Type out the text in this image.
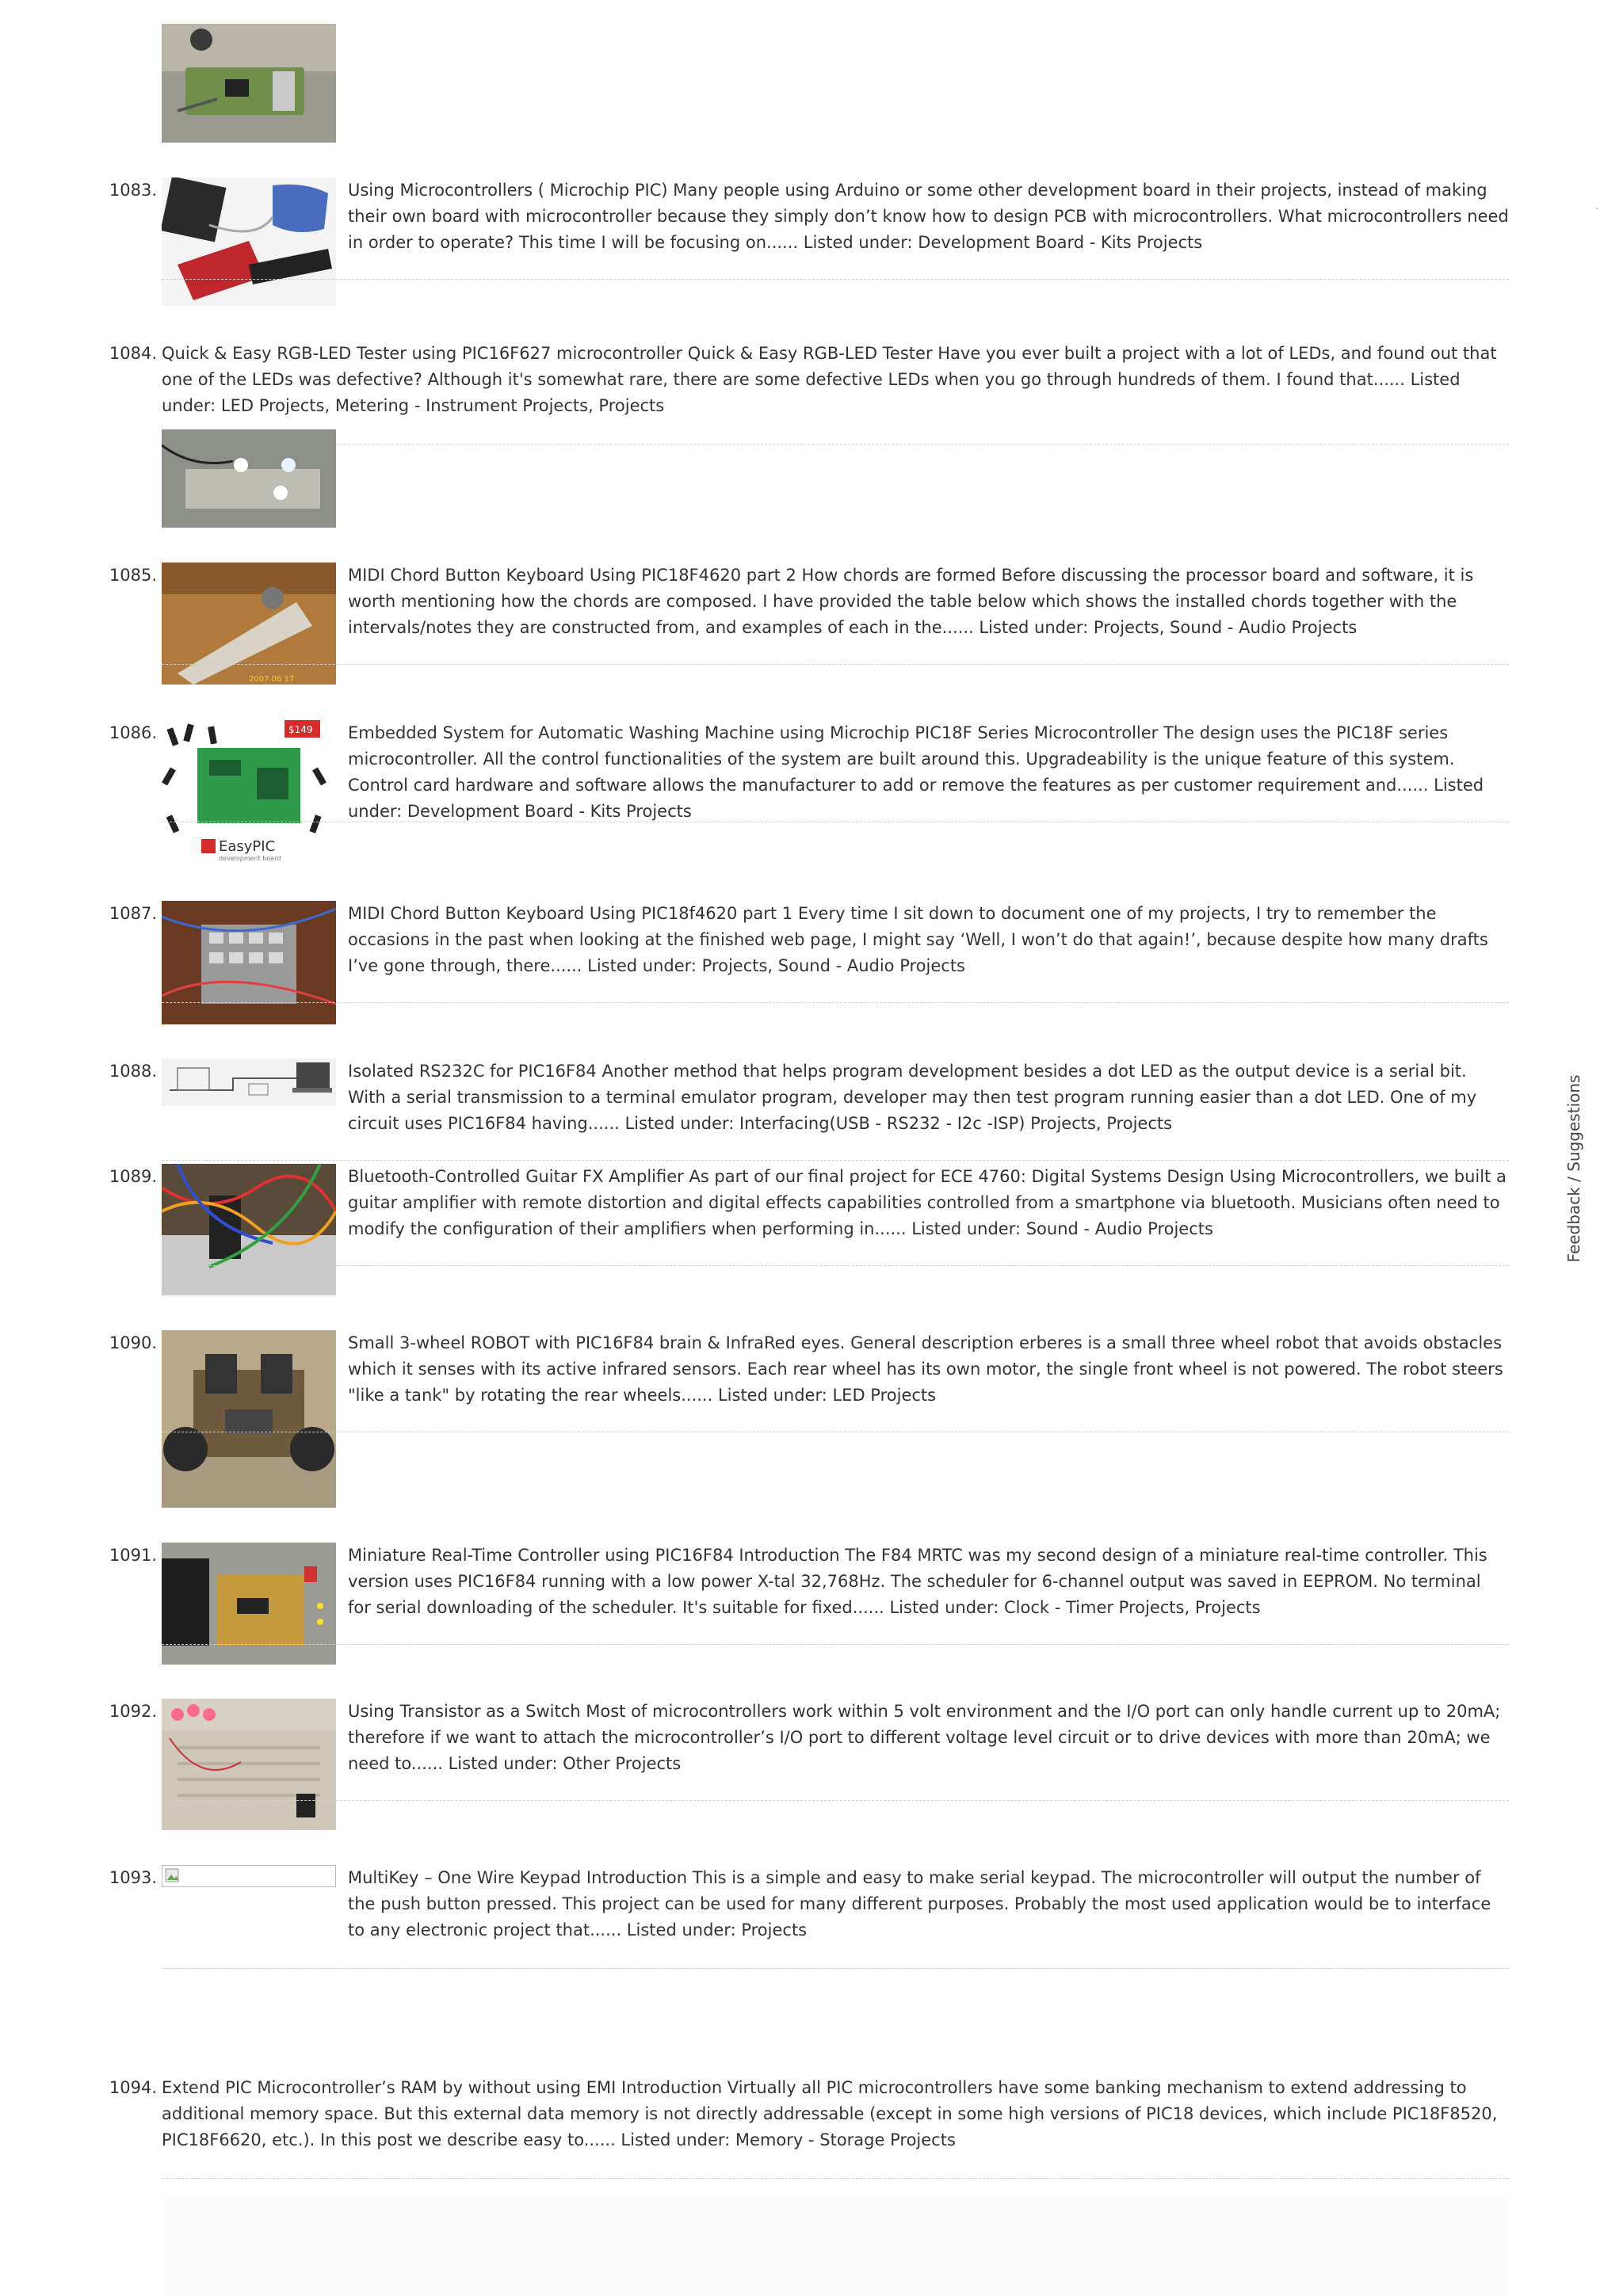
1083.	Using Microcontrollers ( Microchip PIC) Many people using Arduino or some other development board in their projects, instead of making their own board with microcontroller because they simply don’t know how to design PCB with microcontrollers. What microcontrollers need in order to operate? This time I will be focusing on...... Listed under: Development Board - Kits Projects

1084. Quick & Easy RGB-LED Tester using PIC16F627 microcontroller Quick & Easy RGB-LED Tester Have you ever built a project with a lot of LEDs, and found out that one of the LEDs was defective? Although it's somewhat rare, there are some defective LEDs when you go through hundreds of them. I found that...... Listed under: LED Projects, Metering - Instrument Projects, Projects

1085.
2007 06 17

MIDI Chord Button Keyboard Using PIC18F4620 part 2 How chords are formed Before discussing the processor board and software, it is worth mentioning how the chords are composed. I have provided the table below which shows the installed chords together with the intervals/notes they are constructed from, and examples of each in the...... Listed under: Projects, Sound - Audio Projects

1086.	$149
EasyPIC
development board

Embedded System for Automatic Washing Machine using Microchip PIC18F Series Microcontroller The design uses the PIC18F series microcontroller. All the control functionalities of the system are built around this. Upgradeability is the unique feature of this system. Control card hardware and software allows the manufacturer to add or remove the features as per customer requirement and...... Listed under: Development Board - Kits Projects

1087.	MIDI Chord Button Keyboard Using PIC18f4620 part 1 Every time I sit down to document one of my projects, I try to remember the occasions in the past when looking at the finished web page, I might say ‘Well, I won’t do that again!’, because despite how many drafts I’ve gone through, there...... Listed under: Projects, Sound - Audio Projects

1088.	Isolated RS232C for PIC16F84 Another method that helps program development besides a dot LED as the output device is a serial bit. With a serial transmission to a terminal emulator program, developer may then test program running easier than a dot LED. One of my circuit uses PIC16F84 having...... Listed under: Interfacing(USB - RS232 - I2c -ISP) Projects, Projects

1089.	Bluetooth-Controlled Guitar FX Amplifier As part of our final project for ECE 4760: Digital Systems Design Using Microcontrollers, we built a guitar amplifier with remote distortion and digital effects capabilities controlled from a smartphone via bluetooth. Musicians often need to modify the configuration of their amplifiers when performing in...... Listed under: Sound - Audio Projects

1090.	Small 3-wheel ROBOT with PIC16F84 brain & InfraRed eyes. General description erberes is a small three wheel robot that avoids obstacles which it senses with its active infrared sensors. Each rear wheel has its own motor, the single front wheel is not powered. The robot steers "like a tank" by rotating the rear wheels...... Listed under: LED Projects

1091.	Miniature Real-Time Controller using PIC16F84 Introduction The F84 MRTC was my second design of a miniature real-time controller. This version uses PIC16F84 running with a low power X-tal 32,768Hz. The scheduler for 6-channel output was saved in EEPROM. No terminal for serial downloading of the scheduler. It's suitable for fixed...... Listed under: Clock - Timer Projects, Projects

1092.	Using Transistor as a Switch Most of microcontrollers work within 5 volt environment and the I/O port can only handle current up to 20mA; therefore if we want to attach the microcontroller’s I/O port to different voltage level circuit or to drive devices with more than 20mA; we need to...... Listed under: Other Projects

1093.	MultiKey – One Wire Keypad Introduction This is a simple and easy to make serial keypad. The microcontroller will output the number of the push button pressed. This project can be used for many different purposes. Probably the most used application would be to interface to any electronic project that...... Listed under: Projects

1094. Extend PIC Microcontroller’s RAM by without using EMI Introduction Virtually all PIC microcontrollers have some banking mechanism to extend addressing to additional memory space. But this external data memory is not directly addressable (except in some high versions of PIC18 devices, which include PIC18F8520, PIC18F6620, etc.). In this post we describe easy to...... Listed under: Memory - Storage Projects

Feedback / Suggestions
